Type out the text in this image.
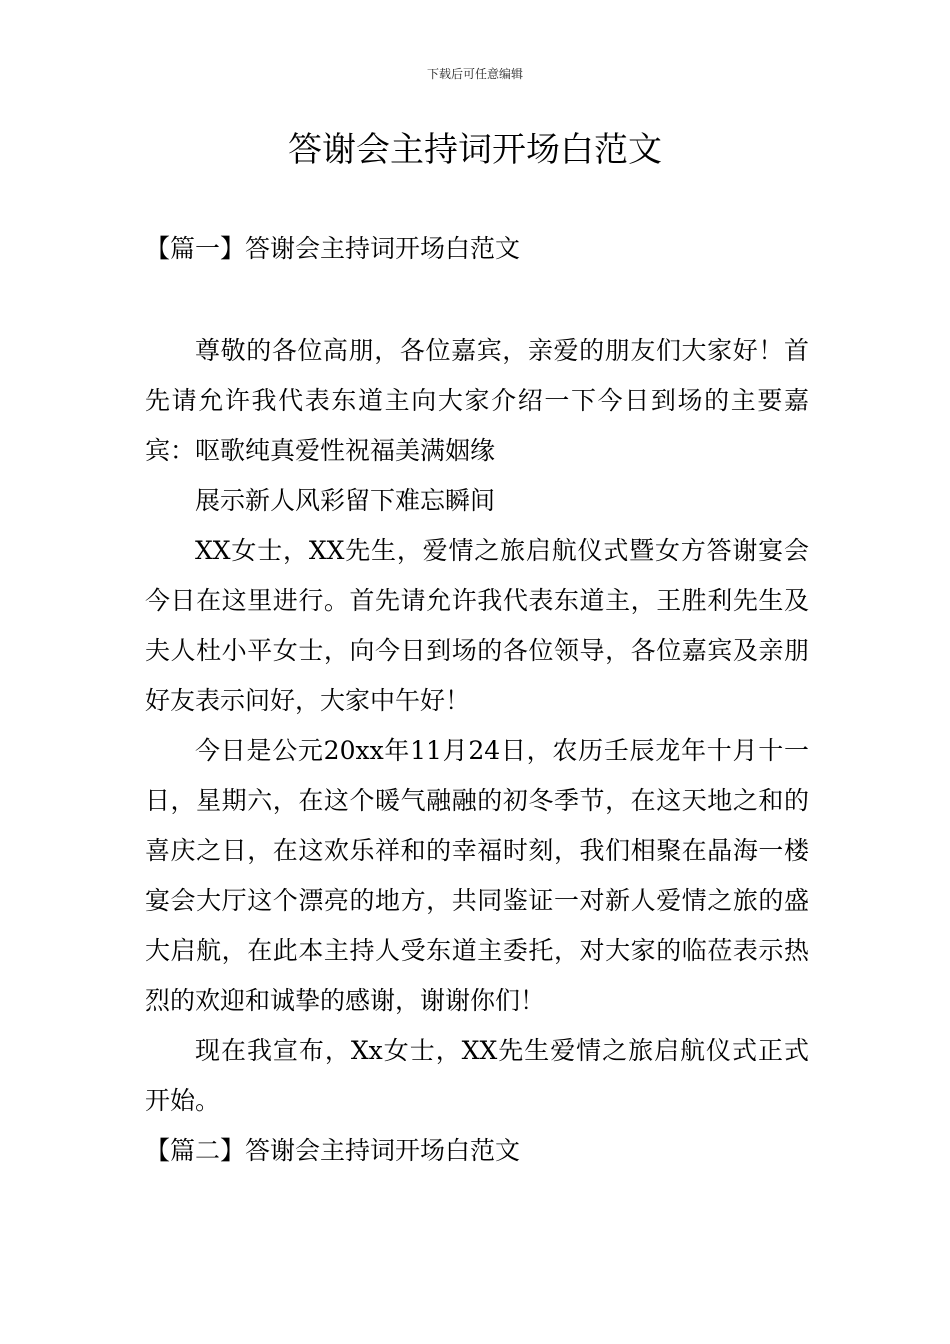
下载后可任意编辑
答谢会主持词开场白范文
【篇一】答谢会主持词开场白范文

尊敬的各位高朋，各位嘉宾，亲爱的朋友们大家好！首先请允许我代表东道主向大家介绍一下今日到场的主要嘉宾：呕歌纯真爱性祝福美满姻缘

展示新人风彩留下难忘瞬间

XX女士，XX先生，爱情之旅启航仪式暨女方答谢宴会今日在这里进行。首先请允许我代表东道主，王胜利先生及夫人杜小平女士，向今日到场的各位领导，各位嘉宾及亲朋好友表示问好，大家中午好！

今日是公元20xx年11月24日，农历壬辰龙年十月十一日，星期六，在这个暖气融融的初冬季节，在这天地之和的喜庆之日，在这欢乐祥和的幸福时刻，我们相聚在晶海一楼宴会大厅这个漂亮的地方，共同鉴证一对新人爱情之旅的盛大启航，在此本主持人受东道主委托，对大家的临莅表示热烈的欢迎和诚挚的感谢，谢谢你们！

现在我宣布，Xx女士，XX先生爱情之旅启航仪式正式开始。

【篇二】答谢会主持词开场白范文
